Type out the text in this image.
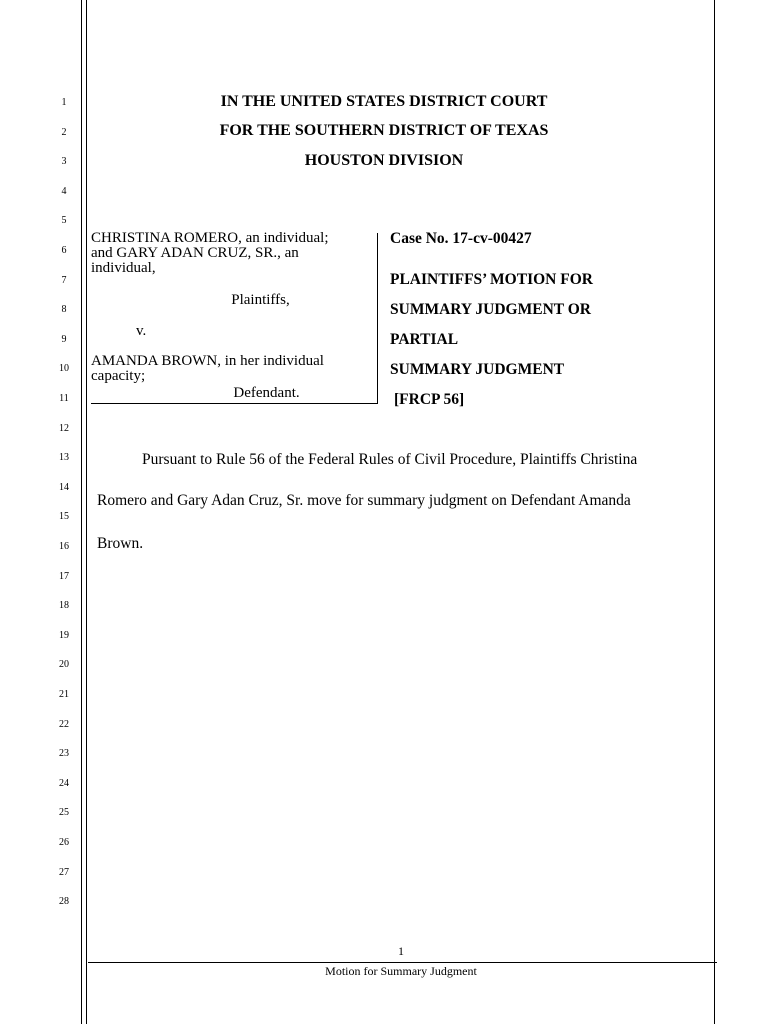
1
2
3
4
5
6
7
8
9
10
11
12
13
14
15
16
17
18
19
20
21
22
23
24
25
26
27
28
IN THE UNITED STATES DISTRICT COURT
FOR THE SOUTHERN DISTRICT OF TEXAS
HOUSTON DIVISION
CHRISTINA ROMERO, an individual;
and GARY ADAN CRUZ, SR., an
individual,
Plaintiffs,
v.
AMANDA BROWN, in her individual
capacity;
Defendant.
Case No. 17-cv-00427
PLAINTIFFS’ MOTION FOR
SUMMARY JUDGMENT OR
PARTIAL
SUMMARY JUDGMENT
[FRCP 56]
Pursuant to Rule 56 of the Federal Rules of Civil Procedure, Plaintiffs Christina
Romero and Gary Adan Cruz, Sr. move for summary judgment on Defendant Amanda
Brown.
1
Motion for Summary Judgment
